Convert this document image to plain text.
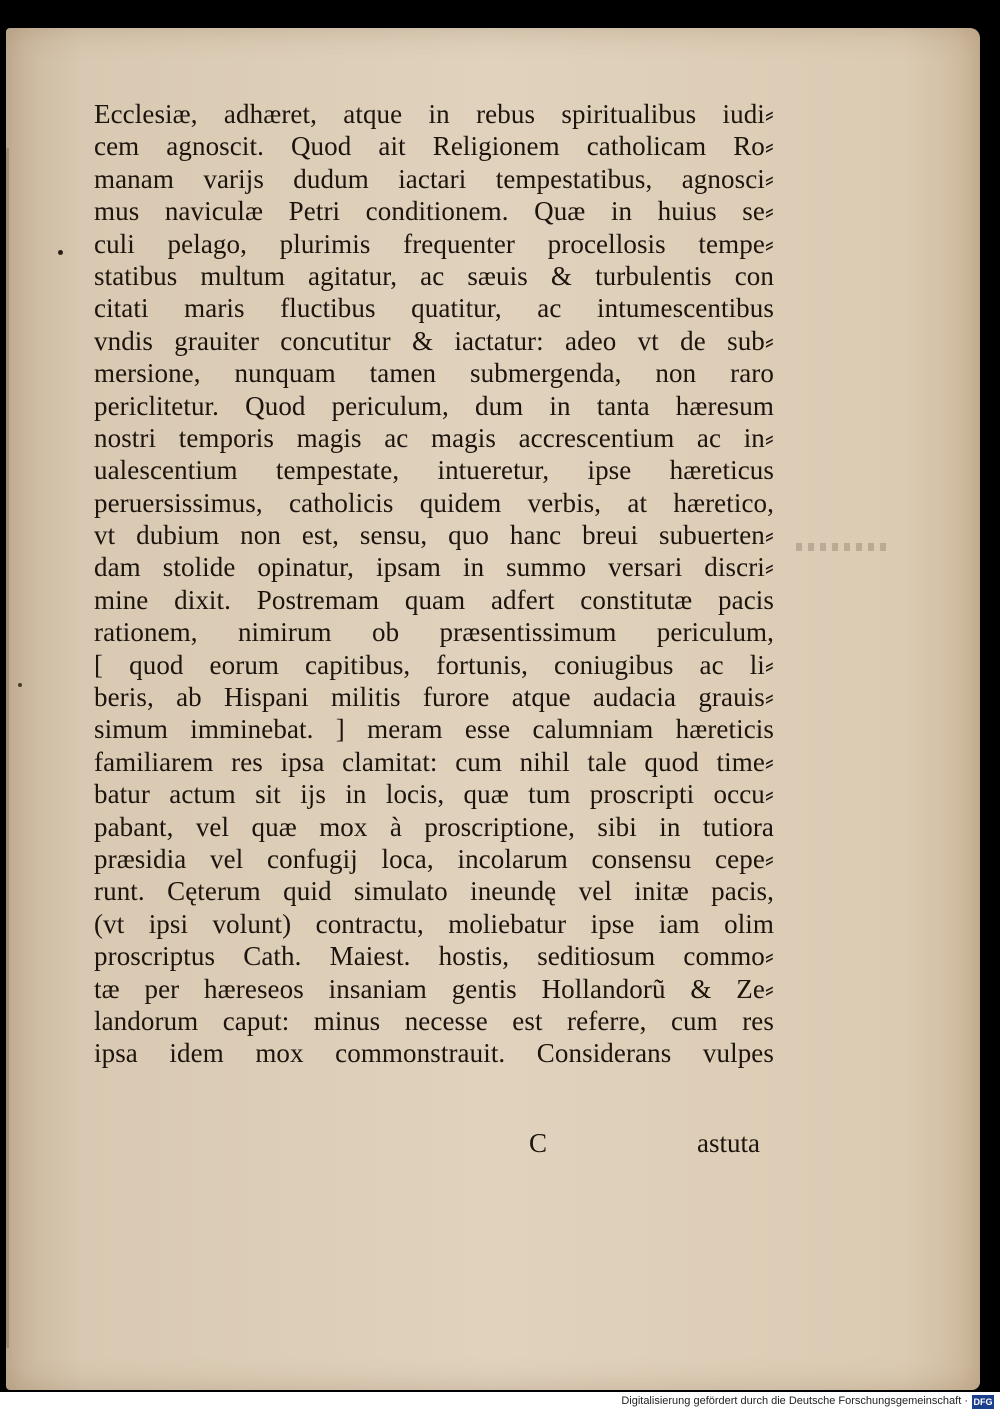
Ecclesiæ, adhæret, atque in rebus spiritualibus iudi⸗
cem agnoscit. Quod ait Religionem catholicam Ro⸗
manam varijs dudum iactari tempestatibus, agnosci⸗
mus naviculæ Petri conditionem. Quæ in huius se⸗
culi pelago, plurimis frequenter procellosis tempe⸗
statibus multum agitatur, ac sæuis & turbulentis con
citati maris fluctibus quatitur, ac intumescentibus
vndis grauiter concutitur & iactatur: adeo vt de sub⸗
mersione, nunquam tamen submergenda, non raro
periclitetur. Quod periculum, dum in tanta hæresum
nostri temporis magis ac magis accrescentium ac in⸗
ualescentium tempestate, intueretur, ipse hæreticus
peruersissimus, catholicis quidem verbis, at hæretico,
vt dubium non est, sensu, quo hanc breui subuerten⸗
dam stolide opinatur, ipsam in summo versari discri⸗
mine dixit. Postremam quam adfert constitutæ pacis
rationem, nimirum ob præsentissimum periculum,
[ quod eorum capitibus, fortunis, coniugibus ac li⸗
beris, ab Hispani militis furore atque audacia grauis⸗
simum imminebat. ] meram esse calumniam hæreticis
familiarem res ipsa clamitat: cum nihil tale quod time⸗
batur actum sit ijs in locis, quæ tum proscripti occu⸗
pabant, vel quæ mox à proscriptione, sibi in tutiora
præsidia vel confugij loca, incolarum consensu cepe⸗
runt. Cęterum quid simulato ineundę vel initæ pacis,
(vt ipsi volunt) contractu, moliebatur ipse iam olim
proscriptus Cath. Maiest. hostis, seditiosum commo⸗
tæ per hæreseos insaniam gentis Hollandorũ & Ze⸗
landorum caput: minus necesse est referre, cum res
ipsa idem mox commonstrauit. Considerans vulpes
C	astuta
Digitalisierung gefördert durch die Deutsche Forschungsgemeinschaft · DFG
